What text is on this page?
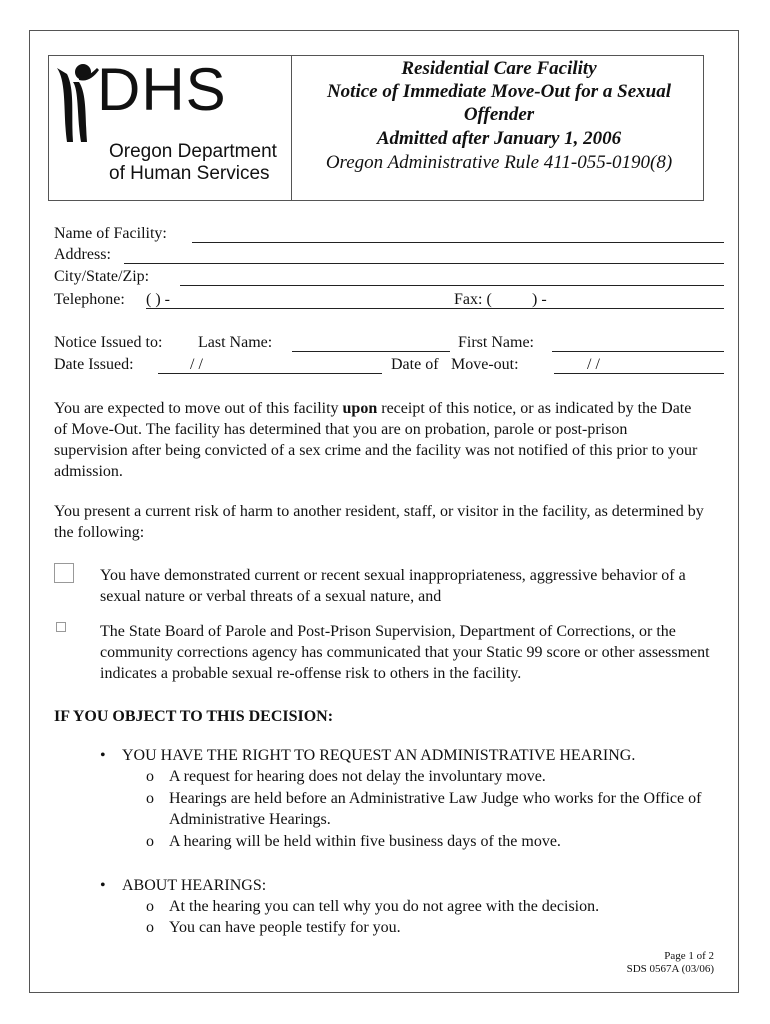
DHS
Oregon Department
of Human Services
Residential Care Facility
Notice of Immediate Move-Out for a Sexual
Offender
Admitted after January 1, 2006
Oregon Administrative Rule 411-055-0190(8)
Name of Facility:
Address:
City/State/Zip:
Telephone: ( ) -	Fax: (	) -
Notice Issued to: Last Name:	First Name:
Date Issued:	/ /	Date of Move-out:	/ /
You are expected to move out of this facility upon receipt of this notice, or as indicated by the Date of Move-Out. The facility has determined that you are on probation, parole or post-prison supervision after being convicted of a sex crime and the facility was not notified of this prior to your admission.
You present a current risk of harm to another resident, staff, or visitor in the facility, as determined by the following:
You have demonstrated current or recent sexual inappropriateness, aggressive behavior of a sexual nature or verbal threats of a sexual nature, and
The State Board of Parole and Post-Prison Supervision, Department of Corrections, or the community corrections agency has communicated that your Static 99 score or other assessment indicates a probable sexual re-offense risk to others in the facility.
IF YOU OBJECT TO THIS DECISION:
• YOU HAVE THE RIGHT TO REQUEST AN ADMINISTRATIVE HEARING.
o A request for hearing does not delay the involuntary move.
o Hearings are held before an Administrative Law Judge who works for the Office of Administrative Hearings.
o A hearing will be held within five business days of the move.
• ABOUT HEARINGS:
o At the hearing you can tell why you do not agree with the decision.
o You can have people testify for you.
Page 1 of 2
SDS 0567A (03/06)
